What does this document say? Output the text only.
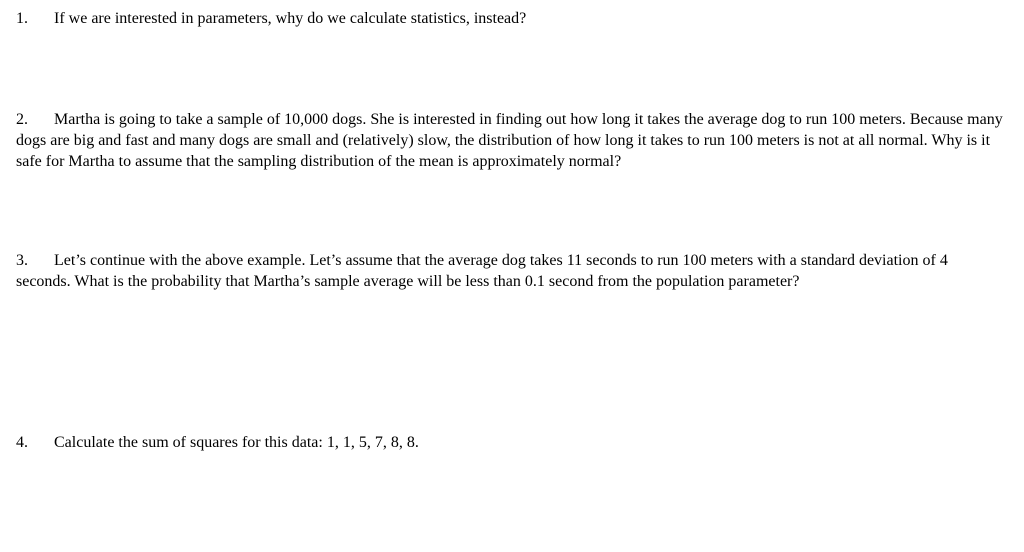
1. If we are interested in parameters, why do we calculate statistics, instead?

2. Martha is going to take a sample of 10,000 dogs. She is interested in finding out how long it takes the average dog to run 100 meters. Because many dogs are big and fast and many dogs are small and (relatively) slow, the distribution of how long it takes to run 100 meters is not at all normal. Why is it safe for Martha to assume that the sampling distribution of the mean is approximately normal?

3. Let’s continue with the above example. Let’s assume that the average dog takes 11 seconds to run 100 meters with a standard deviation of 4 seconds. What is the probability that Martha’s sample average will be less than 0.1 second from the population parameter?

4. Calculate the sum of squares for this data: 1, 1, 5, 7, 8, 8.
